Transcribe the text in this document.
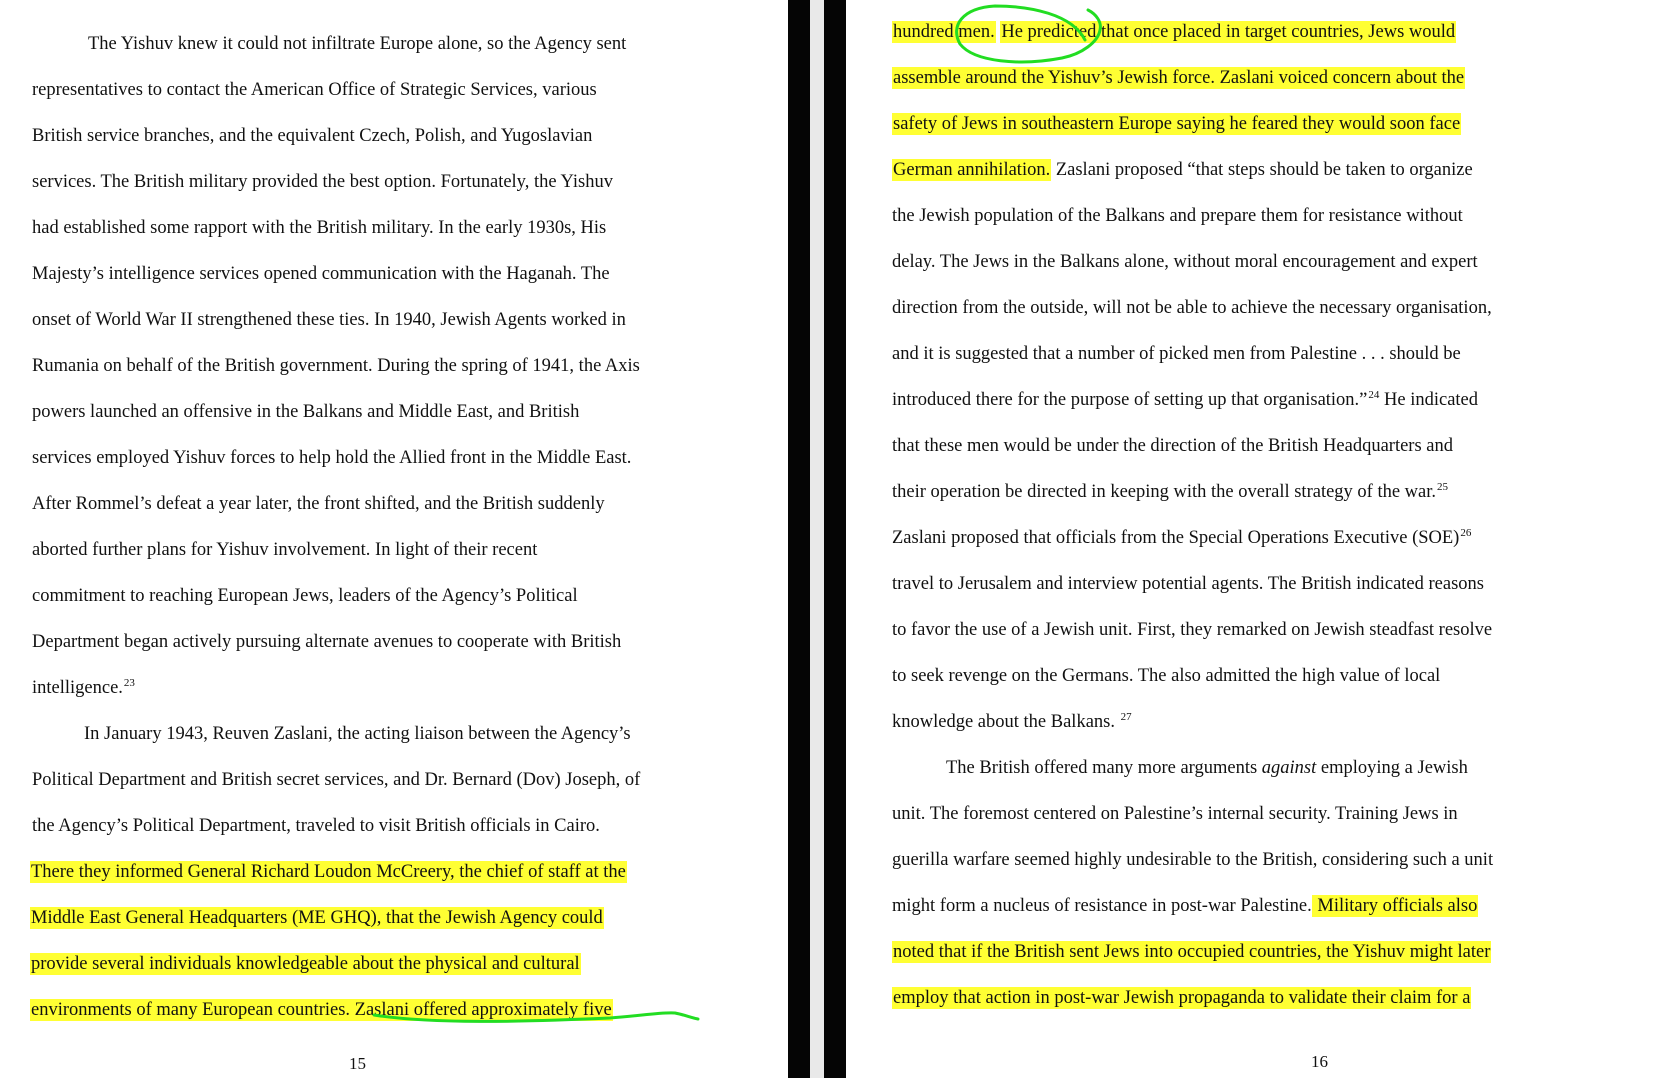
The Yishuv knew it could not infiltrate Europe alone, so the Agency sent
representatives to contact the American Office of Strategic Services, various
British service branches, and the equivalent Czech, Polish, and Yugoslavian
services. The British military provided the best option. Fortunately, the Yishuv
had established some rapport with the British military. In the early 1930s, His
Majesty’s intelligence services opened communication with the Haganah. The
onset of World War II strengthened these ties. In 1940, Jewish Agents worked in
Rumania on behalf of the British government. During the spring of 1941, the Axis
powers launched an offensive in the Balkans and Middle East, and British
services employed Yishuv forces to help hold the Allied front in the Middle East.
After Rommel’s defeat a year later, the front shifted, and the British suddenly
aborted further plans for Yishuv involvement. In light of their recent
commitment to reaching European Jews, leaders of the Agency’s Political
Department began actively pursuing alternate avenues to cooperate with British
intelligence.$^{23}$
In January 1943, Reuven Zaslani, the acting liaison between the Agency’s
Political Department and British secret services, and Dr. Bernard (Dov) Joseph, of
the Agency’s Political Department, traveled to visit British officials in Cairo.
There they informed General Richard Loudon McCreery, the chief of staff at the
Middle East General Headquarters (ME GHQ), that the Jewish Agency could
provide several individuals knowledgeable about the physical and cultural
environments of many European countries. Zaslani offered approximately five
15
hundred men. He predicted that once placed in target countries, Jews would
assemble around the Yishuv’s Jewish force. Zaslani voiced concern about the
safety of Jews in southeastern Europe saying he feared they would soon face
German annihilation. Zaslani proposed “that steps should be taken to organize
the Jewish population of the Balkans and prepare them for resistance without
delay. The Jews in the Balkans alone, without moral encouragement and expert
direction from the outside, will not be able to achieve the necessary organisation,
and it is suggested that a number of picked men from Palestine . . . should be
introduced there for the purpose of setting up that organisation.”$^{24}$ He indicated
that these men would be under the direction of the British Headquarters and
their operation be directed in keeping with the overall strategy of the war.$^{25}$
Zaslani proposed that officials from the Special Operations Executive (SOE)$^{26}$
travel to Jerusalem and interview potential agents. The British indicated reasons
to favor the use of a Jewish unit. First, they remarked on Jewish steadfast resolve
to seek revenge on the Germans. The also admitted the high value of local
knowledge about the Balkans. $^{27}$
The British offered many more arguments against employing a Jewish
unit. The foremost centered on Palestine’s internal security. Training Jews in
guerilla warfare seemed highly undesirable to the British, considering such a unit
might form a nucleus of resistance in post-war Palestine. Military officials also
noted that if the British sent Jews into occupied countries, the Yishuv might later
employ that action in post-war Jewish propaganda to validate their claim for a
16
